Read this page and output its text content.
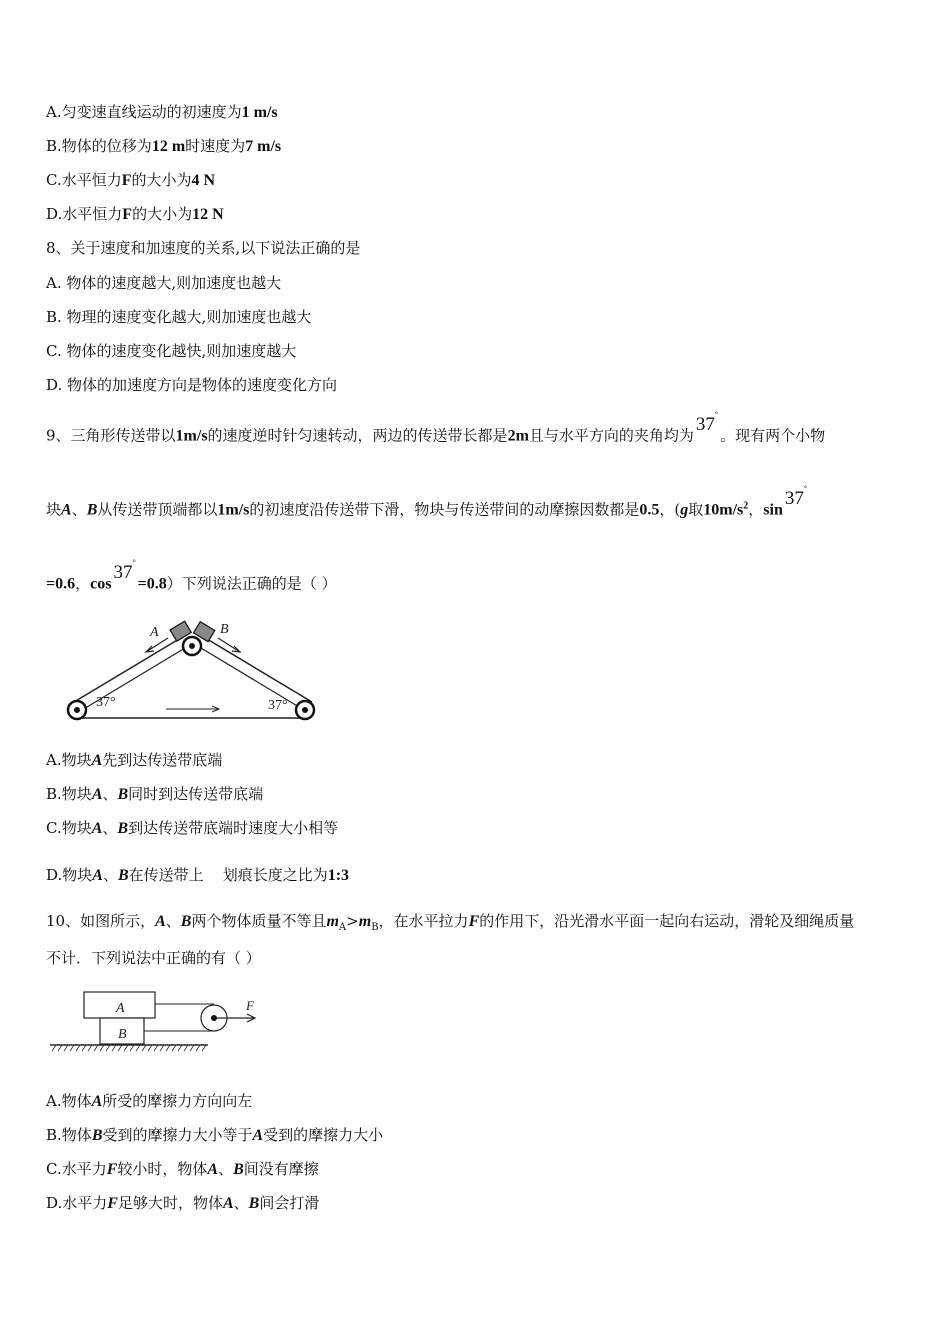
A.匀变速直线运动的初速度为1 m/s
B.物体的位移为12 m时速度为7 m/s
C.水平恒力F的大小为4 N
D.水平恒力F的大小为12 N
8、关于速度和加速度的关系,以下说法正确的是
A. 物体的速度越大,则加速度也越大
B. 物理的速度变化越大,则加速度也越大
C. 物体的速度变化越快,则加速度越大
D. 物体的加速度方向是物体的速度变化方向
9、三角形传送带以1m/s的速度逆时针匀速转动，两边的传送带长都是2m且与水平方向的夹角均为 37°。现有两个小物
块A、B从传送带顶端都以1m/s的初速度沿传送带下滑，物块与传送带间的动摩擦因数都是0.5，(g取$10m/s^2$，sin37°
=0.6，cos37°=0.8）下列说法正确的是（ ）
A	B
37°	37°
A.物块A先到达传送带底端
B.物块A、B同时到达传送带底端
C.物块A、B到达传送带底端时速度大小相等
D.物块A、B在传送带上    划痕长度之比为1:3
10、如图所示，A、B两个物体质量不等且$m_A>m_B$，在水平拉力F的作用下，沿光滑水平面一起向右运动，滑轮及细绳质量
不计．下列说法中正确的有（ ）
A
B
F
A.物体A所受的摩擦力方向向左
B.物体B受到的摩擦力大小等于A受到的摩擦力大小
C.水平力F较小时，物体A、B间没有摩擦
D.水平力F足够大时，物体A、B间会打滑
